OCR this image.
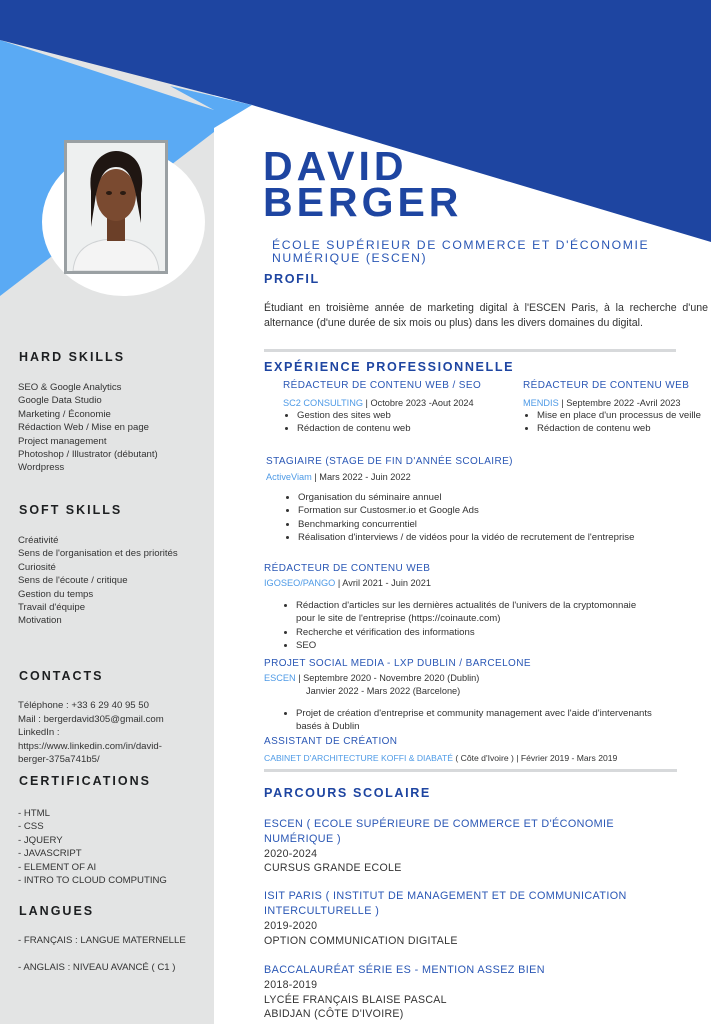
DAVID
BERGER
ÉCOLE SUPÉRIEUR DE COMMERCE ET D'ÉCONOMIE NUMÉRIQUE (ESCEN)
HARD SKILLS
SEO & Google Analytics
Google Data Studio
Marketing / Économie
Rédaction Web / Mise en page
Project management
Photoshop / Illustrator (débutant)
Wordpress
SOFT SKILLS
Créativité
Sens de l'organisation et des priorités
Curiosité
Sens de l'écoute / critique
Gestion du temps
Travail d'équipe
Motivation
CONTACTS
Téléphone : +33 6 29 40 95 50
Mail : bergerdavid305@gmail.com
LinkedIn :
https://www.linkedin.com/in/david-
berger-375a741b5/
CERTIFICATIONS
- HTML
- CSS
- JQUERY
- JAVASCRIPT
- ELEMENT OF AI
- INTRO TO CLOUD COMPUTING
LANGUES
- FRANÇAIS : LANGUE MATERNELLE
- ANGLAIS : NIVEAU AVANCÉ ( C1 )
PROFIL
Étudiant en troisième année de marketing digital à l'ESCEN Paris, à la recherche d'une alternance (d'une durée de six mois ou plus) dans les divers domaines du digital.
EXPÉRIENCE PROFESSIONNELLE
RÉDACTEUR DE CONTENU WEB / SEO
SC2 CONSULTING | Octobre 2023 -Aout 2024
• Gestion des sites web
• Rédaction de contenu web
RÉDACTEUR DE CONTENU WEB
MENDIS | Septembre 2022 -Avril 2023
• Mise en place d'un processus de veille
• Rédaction de contenu web
STAGIAIRE (STAGE DE FIN D'ANNÉE SCOLAIRE)
ActiveViam | Mars 2022 - Juin 2022
• Organisation du séminaire annuel
• Formation sur Custosmer.io et Google Ads
• Benchmarking concurrentiel
• Réalisation d'interviews / de vidéos pour la vidéo de recrutement de l'entreprise
RÉDACTEUR DE CONTENU WEB
IGOSEO/PANGO | Avril 2021 - Juin 2021
• Rédaction d'articles sur les dernières actualités de l'univers de la cryptomonnaie pour le site de l'entreprise (https://coinaute.com)
• Recherche et vérification des informations
• SEO
PROJET SOCIAL MEDIA - LXP DUBLIN / BARCELONE
ESCEN | Septembre 2020 - Novembre 2020 (Dublin)
Janvier 2022 - Mars 2022 (Barcelone)
• Projet de création d'entreprise et community management avec l'aide d'intervenants basés à Dublin
ASSISTANT DE CRÉATION
CABINET D'ARCHITECTURE KOFFI & DIABATÉ ( Côte d'Ivoire ) | Février 2019 - Mars 2019
PARCOURS SCOLAIRE
ESCEN ( ECOLE SUPÉRIEURE DE COMMERCE ET D'ÉCONOMIE NUMÉRIQUE )
2020-2024
CURSUS GRANDE ECOLE
ISIT PARIS ( INSTITUT DE MANAGEMENT ET DE COMMUNICATION INTERCULTURELLE )
2019-2020
OPTION COMMUNICATION DIGITALE
BACCALAURÉAT SÉRIE ES - MENTION ASSEZ BIEN
2018-2019
LYCÉE FRANÇAIS BLAISE PASCAL
ABIDJAN (CÔTE D'IVOIRE)
